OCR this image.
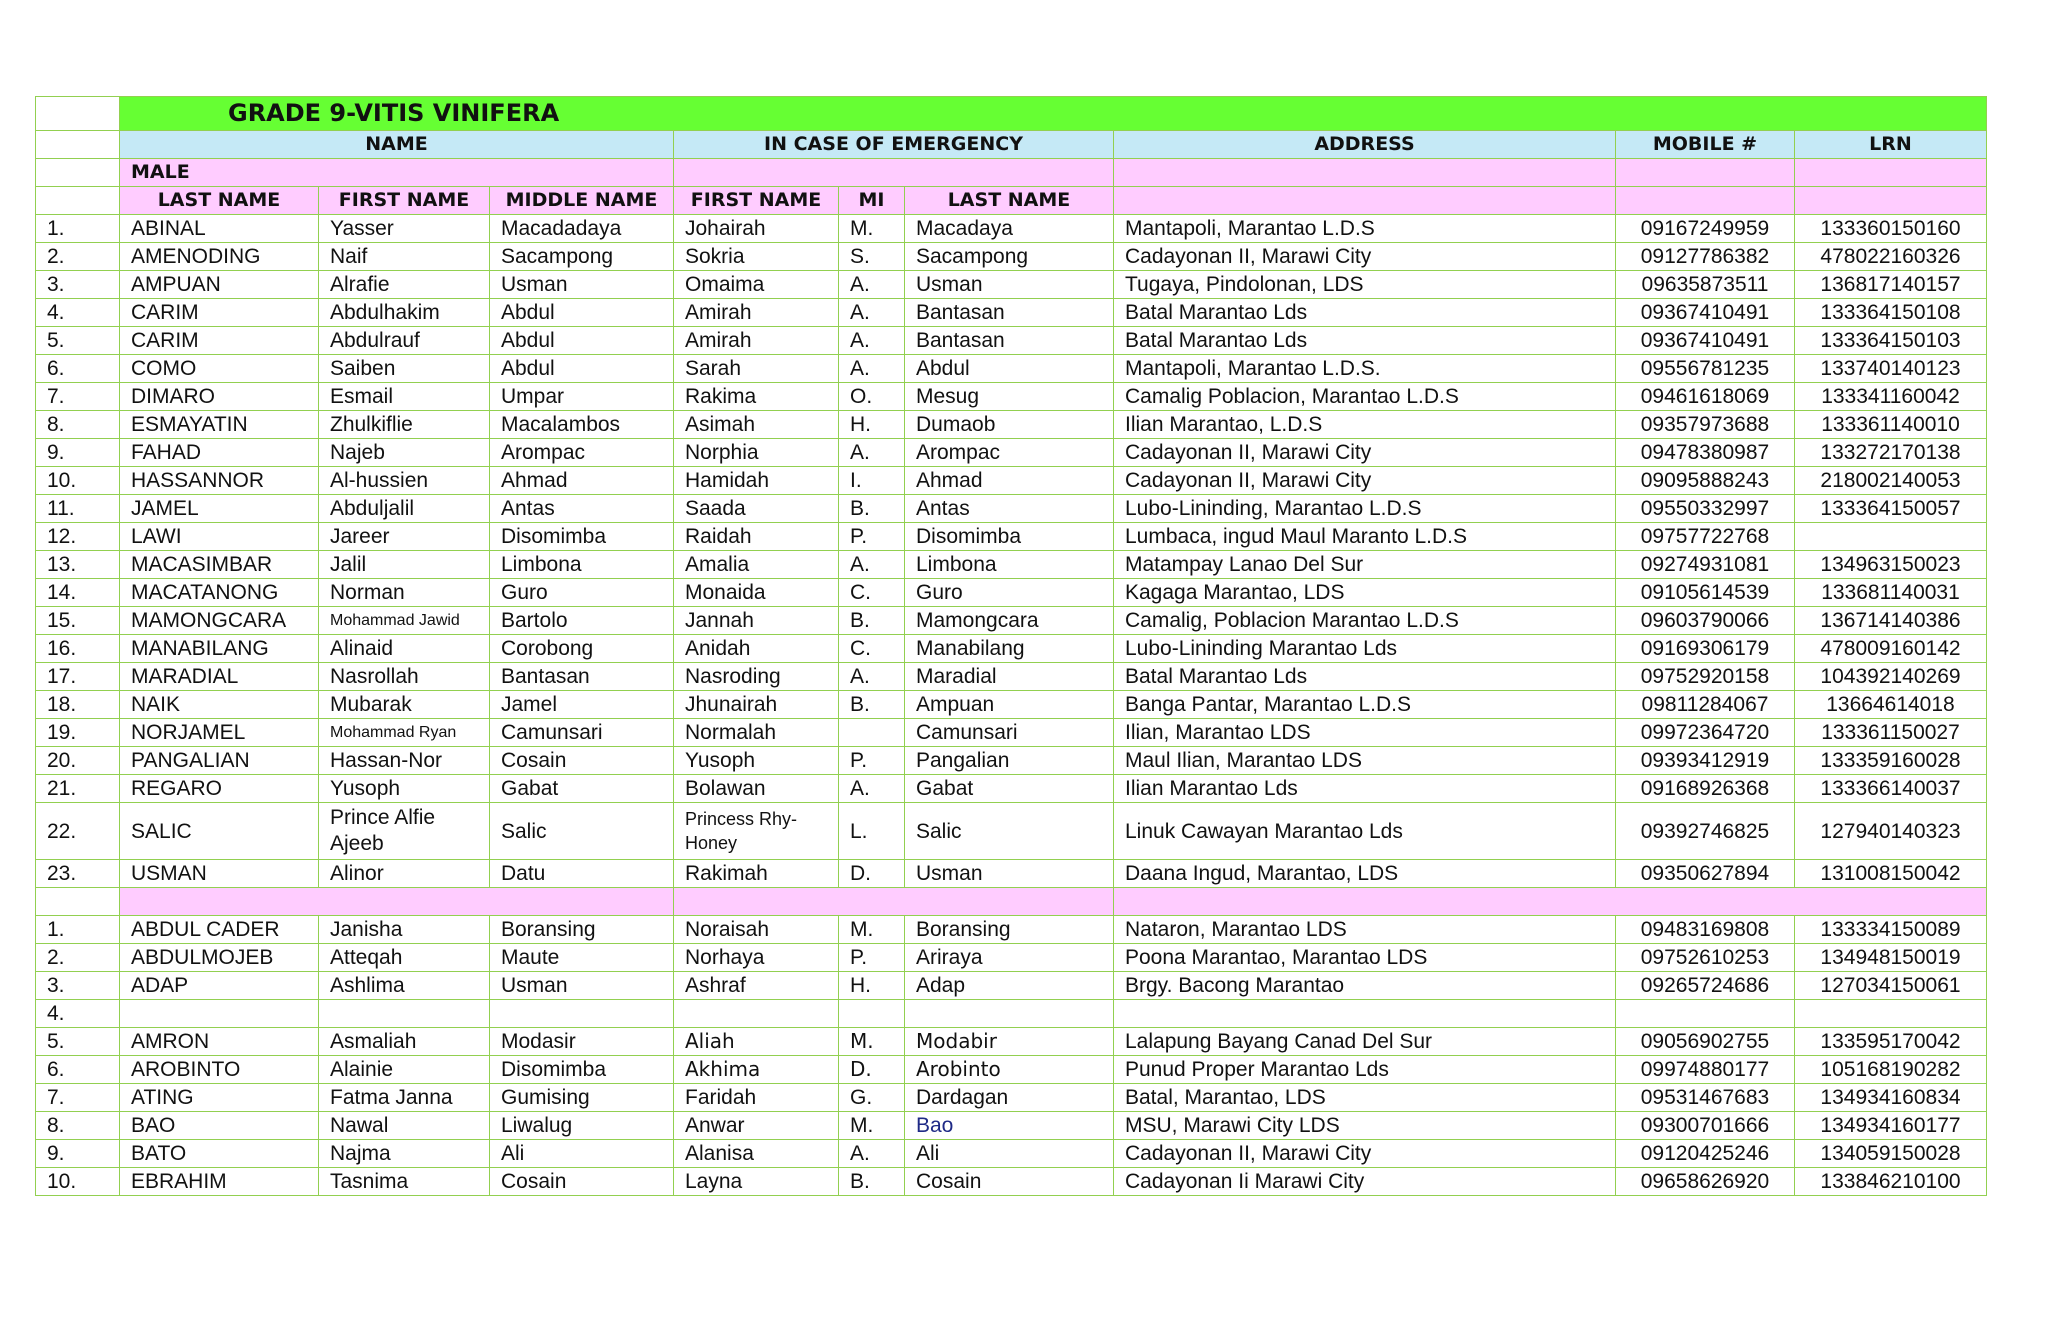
	GRADE 9-VITIS VINIFERA								
	NAME			IN CASE OF EMERGENCY			ADDRESS	MOBILE #	LRN
	MALE								
	LAST NAME	FIRST NAME	MIDDLE NAME	FIRST NAME	MI	LAST NAME			
1.	ABINAL	Yasser	Macadadaya	Johairah	M.	Macadaya	Mantapoli, Marantao L.D.S	09167249959	133360150160
2.	AMENODING	Naif	Sacampong	Sokria	S.	Sacampong	Cadayonan II, Marawi City	09127786382	478022160326
3.	AMPUAN	Alrafie	Usman	Omaima	A.	Usman	Tugaya, Pindolonan, LDS	09635873511	136817140157
4.	CARIM	Abdulhakim	Abdul	Amirah	A.	Bantasan	Batal Marantao Lds	09367410491	133364150108
5.	CARIM	Abdulrauf	Abdul	Amirah	A.	Bantasan	Batal Marantao Lds	09367410491	133364150103
6.	COMO	Saiben	Abdul	Sarah	A.	Abdul	Mantapoli, Marantao L.D.S.	09556781235	133740140123
7.	DIMARO	Esmail	Umpar	Rakima	O.	Mesug	Camalig Poblacion, Marantao L.D.S	09461618069	133341160042
8.	ESMAYATIN	Zhulkiflie	Macalambos	Asimah	H.	Dumaob	Ilian Marantao, L.D.S	09357973688	133361140010
9.	FAHAD	Najeb	Arompac	Norphia	A.	Arompac	Cadayonan II, Marawi City	09478380987	133272170138
10.	HASSANNOR	Al-hussien	Ahmad	Hamidah	I.	Ahmad	Cadayonan II, Marawi City	09095888243	218002140053
11.	JAMEL	Abduljalil	Antas	Saada	B.	Antas	Lubo-Lininding, Marantao L.D.S	09550332997	133364150057
12.	LAWI	Jareer	Disomimba	Raidah	P.	Disomimba	Lumbaca, ingud Maul Maranto L.D.S	09757722768	
13.	MACASIMBAR	Jalil	Limbona	Amalia	A.	Limbona	Matampay Lanao Del Sur	09274931081	134963150023
14.	MACATANONG	Norman	Guro	Monaida	C.	Guro	Kagaga Marantao, LDS	09105614539	133681140031
15.	MAMONGCARA	Mohammad Jawid	Bartolo	Jannah	B.	Mamongcara	Camalig, Poblacion Marantao L.D.S	09603790066	136714140386
16.	MANABILANG	Alinaid	Corobong	Anidah	C.	Manabilang	Lubo-Lininding Marantao Lds	09169306179	478009160142
17.	MARADIAL	Nasrollah	Bantasan	Nasroding	A.	Maradial	Batal Marantao Lds	09752920158	104392140269
18.	NAIK	Mubarak	Jamel	Jhunairah	B.	Ampuan	Banga Pantar, Marantao L.D.S	09811284067	13664614018
19.	NORJAMEL	Mohammad Ryan	Camunsari	Normalah		Camunsari	Ilian, Marantao LDS	09972364720	133361150027
20.	PANGALIAN	Hassan-Nor	Cosain	Yusoph	P.	Pangalian	Maul Ilian, Marantao LDS	09393412919	133359160028
21.	REGARO	Yusoph	Gabat	Bolawan	A.	Gabat	Ilian Marantao Lds	09168926368	133366140037
22.	SALIC	Prince Alfie Ajeeb	Salic	Princess Rhy-Honey	L.	Salic	Linuk Cawayan Marantao Lds	09392746825	127940140323
23.	USMAN	Alinor	Datu	Rakimah	D.	Usman	Daana Ingud, Marantao, LDS	09350627894	131008150042

1.	ABDUL CADER	Janisha	Boransing	Noraisah	M.	Boransing	Nataron, Marantao LDS	09483169808	133334150089
2.	ABDULMOJEB	Atteqah	Maute	Norhaya	P.	Ariraya	Poona Marantao, Marantao LDS	09752610253	134948150019
3.	ADAP	Ashlima	Usman	Ashraf	H.	Adap	Brgy. Bacong Marantao	09265724686	127034150061
4.									
5.	AMRON	Asmaliah	Modasir	Aliah	M.	Modabir	Lalapung Bayang Canad Del Sur	09056902755	133595170042
6.	AROBINTO	Alainie	Disomimba	Akhima	D.	Arobinto	Punud Proper Marantao Lds	09974880177	105168190282
7.	ATING	Fatma Janna	Gumising	Faridah	G.	Dardagan	Batal, Marantao, LDS	09531467683	134934160834
8.	BAO	Nawal	Liwalug	Anwar	M.	Bao	MSU, Marawi City LDS	09300701666	134934160177
9.	BATO	Najma	Ali	Alanisa	A.	Ali	Cadayonan II, Marawi City	09120425246	134059150028
10.	EBRAHIM	Tasnima	Cosain	Layna	B.	Cosain	Cadayonan Ii Marawi City	09658626920	133846210100
